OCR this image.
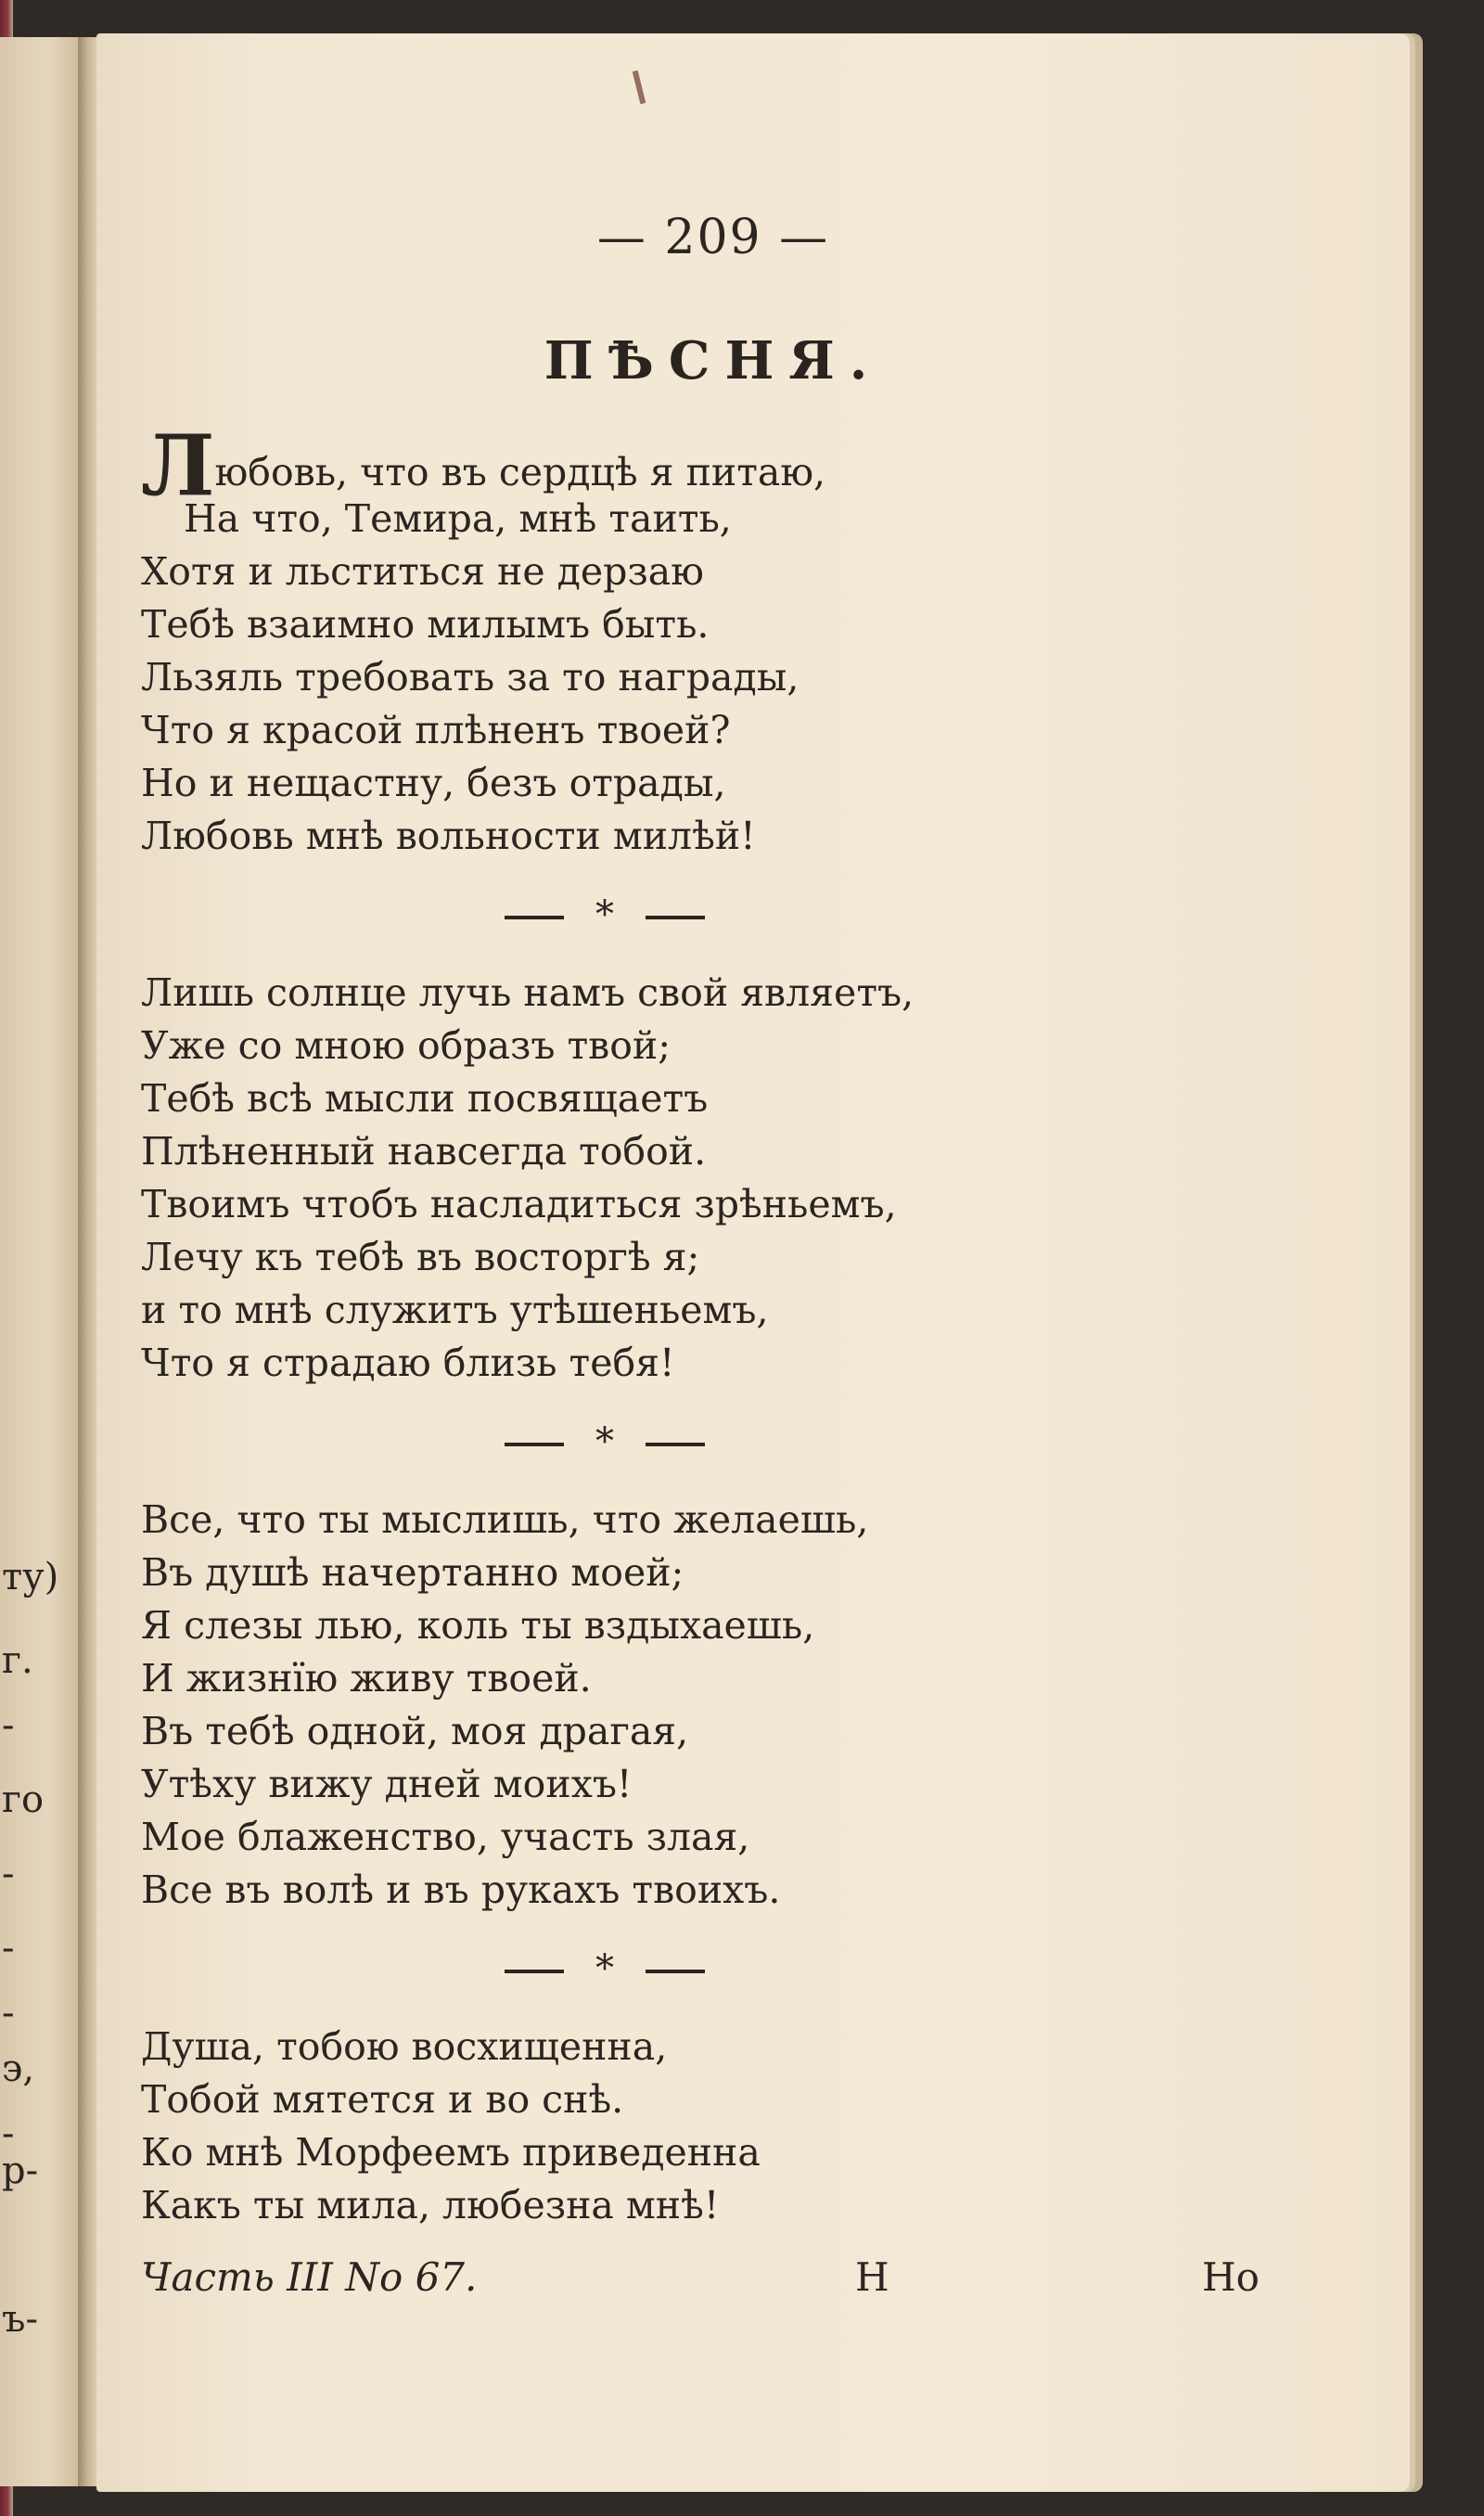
ту)
г.
-
го
-
-
-
э,
-
р-
ъ-
— 209 —
ПѢСНЯ.
Любовь, что въ сердцѣ я питаю,
На что, Темира, мнѣ таить,
Хотя и льститься не дерзаю
Тебѣ взаимно милымъ быть.
Льзяль требовать за то награды,
Что я красой плѣненъ твоей?
Но и нещастну, безъ отрады,
Любовь мнѣ вольности милѣй!
*
Лишь солнце лучь намъ свой являетъ,
Уже со мною образъ твой;
Тебѣ всѣ мысли посвящаетъ
Плѣненный навсегда тобой.
Твоимъ чтобъ насладиться зрѣньемъ,
Лечу къ тебѣ въ восторгѣ я;
и то мнѣ служитъ утѣшеньемъ,
Что я страдаю близь тебя!
*
Все, что ты мыслишь, что желаешь,
Въ душѣ начертанно моей;
Я слезы лью, коль ты вздыхаешь,
И жизнїю живу твоей.
Въ тебѣ одной, моя драгая,
Утѣху вижу дней моихъ!
Мое блаженство, участь злая,
Все въ волѣ и въ рукахъ твоихъ.
*
Душа, тобою восхищенна,
Тобой мятется и во снѣ.
Ко мнѣ Морфеемъ приведенна
Какъ ты мила, любезна мнѣ!
Часть III No 67.	Н	Но
